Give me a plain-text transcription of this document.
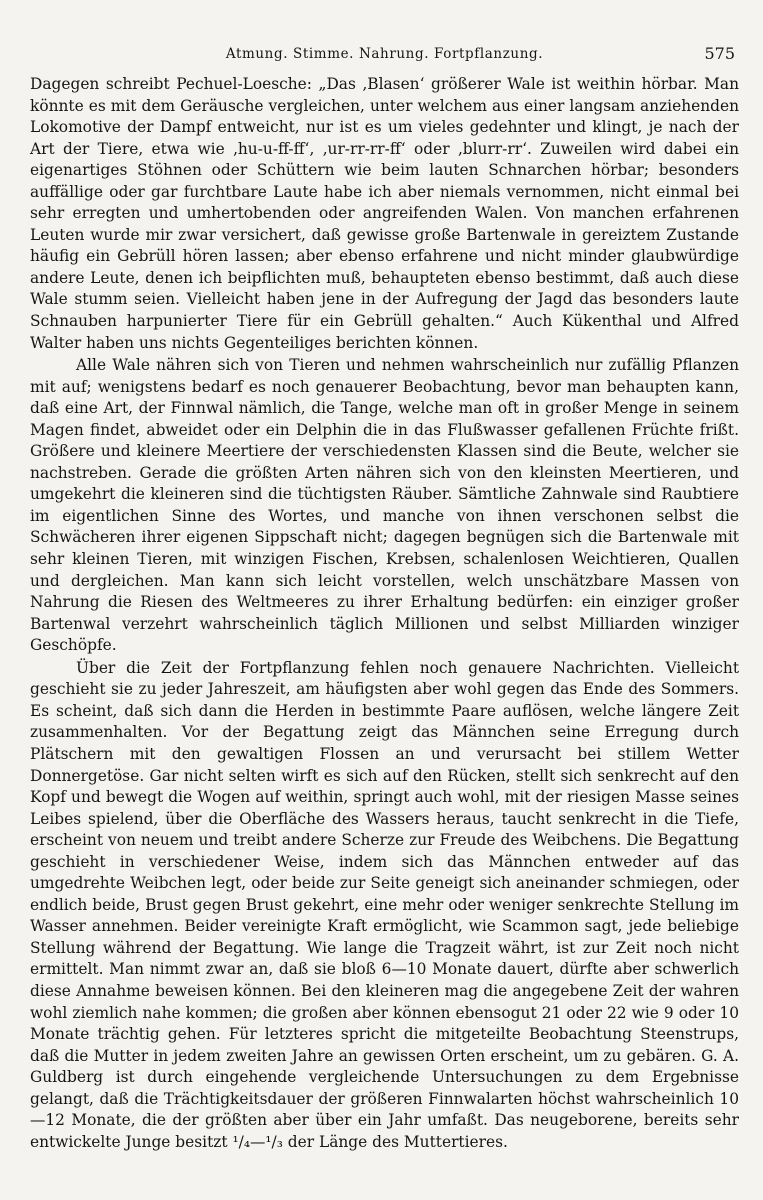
Atmung. Stimme. Nahrung. Fortpflanzung.	575

Dagegen schreibt Pechuel-Loesche: „Das ‚Blasen‘ größerer Wale ist weithin hörbar. Man könnte es mit dem Geräusche vergleichen, unter welchem aus einer langsam anziehenden Lokomotive der Dampf entweicht, nur ist es um vieles gedehnter und klingt, je nach der Art der Tiere, etwa wie ‚hu-u-ff-ff‘, ‚ur-rr-rr-ff‘ oder ‚blurr-rr‘. Zuweilen wird dabei ein eigenartiges Stöhnen oder Schüttern wie beim lauten Schnarchen hörbar; besonders auffällige oder gar furchtbare Laute habe ich aber niemals vernommen, nicht einmal bei sehr erregten und umhertobenden oder angreifenden Walen. Von manchen erfahrenen Leuten wurde mir zwar versichert, daß gewisse große Bartenwale in gereiztem Zustande häufig ein Gebrüll hören lassen; aber ebenso erfahrene und nicht minder glaubwürdige andere Leute, denen ich beipflichten muß, behaupteten ebenso bestimmt, daß auch diese Wale stumm seien. Vielleicht haben jene in der Aufregung der Jagd das besonders laute Schnauben harpunierter Tiere für ein Gebrüll gehalten.“ Auch Kükenthal und Alfred Walter haben uns nichts Gegenteiliges berichten können.

Alle Wale nähren sich von Tieren und nehmen wahrscheinlich nur zufällig Pflanzen mit auf; wenigstens bedarf es noch genauerer Beobachtung, bevor man behaupten kann, daß eine Art, der Finnwal nämlich, die Tange, welche man oft in großer Menge in seinem Magen findet, abweidet oder ein Delphin die in das Flußwasser gefallenen Früchte frißt. Größere und kleinere Meertiere der verschiedensten Klassen sind die Beute, welcher sie nachstreben. Gerade die größten Arten nähren sich von den kleinsten Meertieren, und umgekehrt die kleineren sind die tüchtigsten Räuber. Sämtliche Zahnwale sind Raubtiere im eigentlichen Sinne des Wortes, und manche von ihnen verschonen selbst die Schwächeren ihrer eigenen Sippschaft nicht; dagegen begnügen sich die Bartenwale mit sehr kleinen Tieren, mit winzigen Fischen, Krebsen, schalenlosen Weichtieren, Quallen und dergleichen. Man kann sich leicht vorstellen, welch unschätzbare Massen von Nahrung die Riesen des Weltmeeres zu ihrer Erhaltung bedürfen: ein einziger großer Bartenwal verzehrt wahrscheinlich täglich Millionen und selbst Milliarden winziger Geschöpfe.

Über die Zeit der Fortpflanzung fehlen noch genauere Nachrichten. Vielleicht geschieht sie zu jeder Jahreszeit, am häufigsten aber wohl gegen das Ende des Sommers. Es scheint, daß sich dann die Herden in bestimmte Paare auflösen, welche längere Zeit zusammenhalten. Vor der Begattung zeigt das Männchen seine Erregung durch Plätschern mit den gewaltigen Flossen an und verursacht bei stillem Wetter Donnergetöse. Gar nicht selten wirft es sich auf den Rücken, stellt sich senkrecht auf den Kopf und bewegt die Wogen auf weithin, springt auch wohl, mit der riesigen Masse seines Leibes spielend, über die Oberfläche des Wassers heraus, taucht senkrecht in die Tiefe, erscheint von neuem und treibt andere Scherze zur Freude des Weibchens. Die Begattung geschieht in verschiedener Weise, indem sich das Männchen entweder auf das umgedrehte Weibchen legt, oder beide zur Seite geneigt sich aneinander schmiegen, oder endlich beide, Brust gegen Brust gekehrt, eine mehr oder weniger senkrechte Stellung im Wasser annehmen. Beider vereinigte Kraft ermöglicht, wie Scammon sagt, jede beliebige Stellung während der Begattung. Wie lange die Tragzeit währt, ist zur Zeit noch nicht ermittelt. Man nimmt zwar an, daß sie bloß 6—10 Monate dauert, dürfte aber schwerlich diese Annahme beweisen können. Bei den kleineren mag die angegebene Zeit der wahren wohl ziemlich nahe kommen; die großen aber können ebensogut 21 oder 22 wie 9 oder 10 Monate trächtig gehen. Für letzteres spricht die mitgeteilte Beobachtung Steenstrups, daß die Mutter in jedem zweiten Jahre an gewissen Orten erscheint, um zu gebären. G. A. Guldberg ist durch eingehende vergleichende Untersuchungen zu dem Ergebnisse gelangt, daß die Trächtigkeitsdauer der größeren Finnwalarten höchst wahrscheinlich 10—12 Monate, die der größten aber über ein Jahr umfaßt. Das neugeborene, bereits sehr entwickelte Junge besitzt ¹/₄—¹/₃ der Länge des Muttertieres.
